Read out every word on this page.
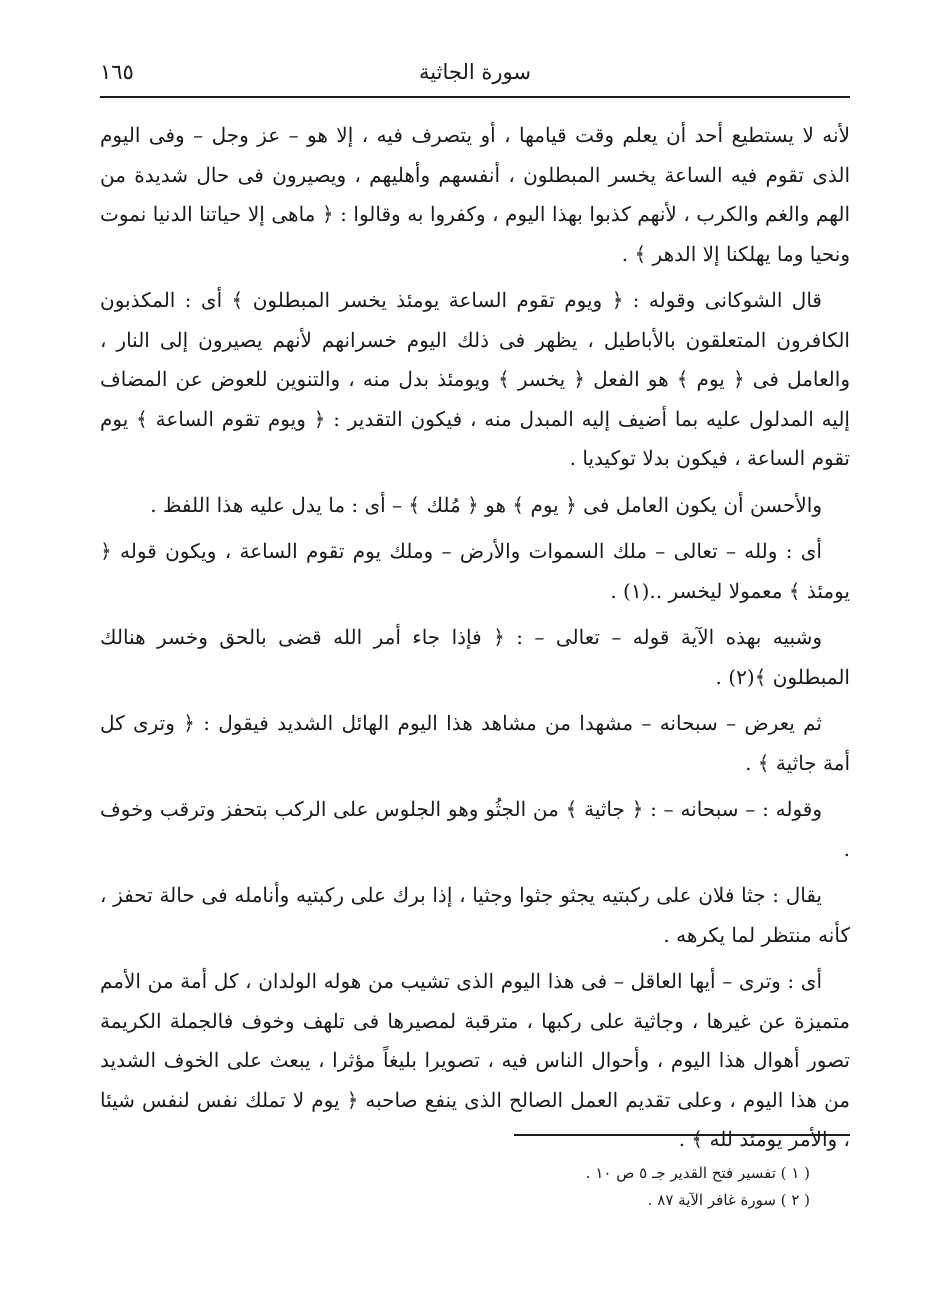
سورة الجاثية
١٦٥

لأنه لا يستطيع أحد أن يعلم وقت قيامها ، أو يتصرف فيه ، إلا هو – عز وجل – وفى اليوم الذى تقوم فيه الساعة يخسر المبطلون ، أنفسهم وأهليهم ، ويصيرون فى حال شديدة من الهم والغم والكرب ، لأنهم كذبوا بهذا اليوم ، وكفروا به وقالوا : ﴿ ماهى إلا حياتنا الدنيا نموت ونحيا وما يهلكنا إلا الدهر ﴾ .

قال الشوكانى وقوله : ﴿ ويوم تقوم الساعة يومئذ يخسر المبطلون ﴾ أى : المكذبون الكافرون المتعلقون بالأباطيل ، يظهر فى ذلك اليوم خسرانهم لأنهم يصيرون إلى النار ، والعامل فى ﴿ يوم ﴾ هو الفعل ﴿ يخسر ﴾ ويومئذ بدل منه ، والتنوين للعوض عن المضاف إليه المدلول عليه بما أضيف إليه المبدل منه ، فيكون التقدير : ﴿ ويوم تقوم الساعة ﴾ يوم تقوم الساعة ، فيكون بدلا توكيديا .

والأحسن أن يكون العامل فى ﴿ يوم ﴾ هو ﴿ مُلك ﴾ – أى : ما يدل عليه هذا اللفظ .

أى : ولله – تعالى – ملك السموات والأرض – وملك يوم تقوم الساعة ، ويكون قوله ﴿ يومئذ ﴾ معمولا ليخسر ..(١) .

وشبيه بهذه الآية قوله – تعالى – : ﴿ فإذا جاء أمر الله قضى بالحق وخسر هنالك المبطلون ﴾(٢) .

ثم يعرض – سبحانه – مشهدا من مشاهد هذا اليوم الهائل الشديد فيقول : ﴿ وترى كل أمة جاثية ﴾ .

وقوله : – سبحانه – : ﴿ جاثية ﴾ من الجثُو وهو الجلوس على الركب بتحفز وترقب وخوف .

يقال : جثا فلان على ركبتيه يجثو جثوا وجثيا ، إذا برك على ركبتيه وأنامله فى حالة تحفز ، كأنه منتظر لما يكرهه .

أى : وترى – أيها العاقل – فى هذا اليوم الذى تشيب من هوله الولدان ، كل أمة من الأمم متميزة عن غيرها ، وجاثية على ركبها ، مترقبة لمصيرها فى تلهف وخوف فالجملة الكريمة تصور أهوال هذا اليوم ، وأحوال الناس فيه ، تصويرا بليغاً مؤثرا ، يبعث على الخوف الشديد من هذا اليوم ، وعلى تقديم العمل الصالح الذى ينفع صاحبه ﴿ يوم لا تملك نفس لنفس شيئا ، والأمر يومئذ لله ﴾ .

( ١ ) تفسير فتح القدير جـ ٥ ص ١٠ .
( ٢ ) سورة غافر الآية ٨٧ .
